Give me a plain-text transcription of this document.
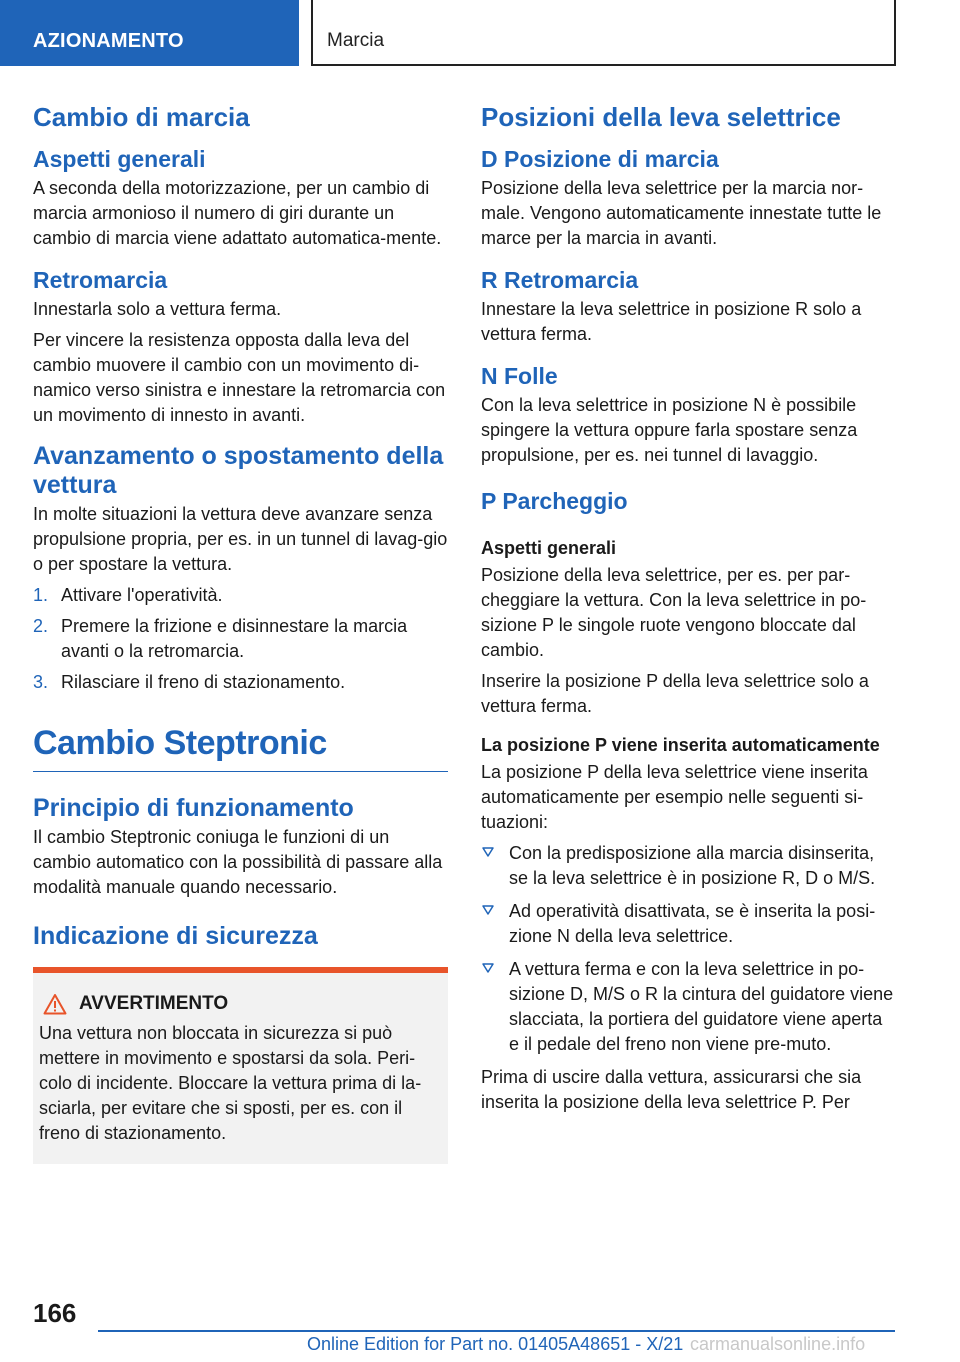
AZIONAMENTO	Marcia
Cambio di marcia
Aspetti generali
A seconda della motorizzazione, per un cambio di marcia armonioso il numero di giri durante un cambio di marcia viene adattato automatica-mente.
Retromarcia
Innestarla solo a vettura ferma.
Per vincere la resistenza opposta dalla leva del cambio muovere il cambio con un movimento di-namico verso sinistra e innestare la retromarcia con un movimento di innesto in avanti.
Avanzamento o spostamento della vettura
In molte situazioni la vettura deve avanzare senza propulsione propria, per es. in un tunnel di lavag-gio o per spostare la vettura.
1. Attivare l'operatività.
2. Premere la frizione e disinnestare la marcia avanti o la retromarcia.
3. Rilasciare il freno di stazionamento.
Cambio Steptronic
Principio di funzionamento
Il cambio Steptronic coniuga le funzioni di un cambio automatico con la possibilità di passare alla modalità manuale quando necessario.
Indicazione di sicurezza
AVVERTIMENTO
Una vettura non bloccata in sicurezza si può mettere in movimento e spostarsi da sola. Peri-colo di incidente. Bloccare la vettura prima di la-sciarla, per evitare che si sposti, per es. con il freno di stazionamento.
Posizioni della leva selettrice
D Posizione di marcia
Posizione della leva selettrice per la marcia nor-male. Vengono automaticamente innestate tutte le marce per la marcia in avanti.
R Retromarcia
Innestare la leva selettrice in posizione R solo a vettura ferma.
N Folle
Con la leva selettrice in posizione N è possibile spingere la vettura oppure farla spostare senza propulsione, per es. nei tunnel di lavaggio.
P Parcheggio
Aspetti generali
Posizione della leva selettrice, per es. per par-cheggiare la vettura. Con la leva selettrice in po-sizione P le singole ruote vengono bloccate dal cambio.
Inserire la posizione P della leva selettrice solo a vettura ferma.
La posizione P viene inserita automaticamente
La posizione P della leva selettrice viene inserita automaticamente per esempio nelle seguenti si-tuazioni:
Con la predisposizione alla marcia disinserita, se la leva selettrice è in posizione R, D o M/S.
Ad operatività disattivata, se è inserita la posi-zione N della leva selettrice.
A vettura ferma e con la leva selettrice in po-sizione D, M/S o R la cintura del guidatore viene slacciata, la portiera del guidatore viene aperta e il pedale del freno non viene pre-muto.
Prima di uscire dalla vettura, assicurarsi che sia inserita la posizione della leva selettrice P. Per
166
Online Edition for Part no. 01405A48651 - X/21 carmanualsonline.info
